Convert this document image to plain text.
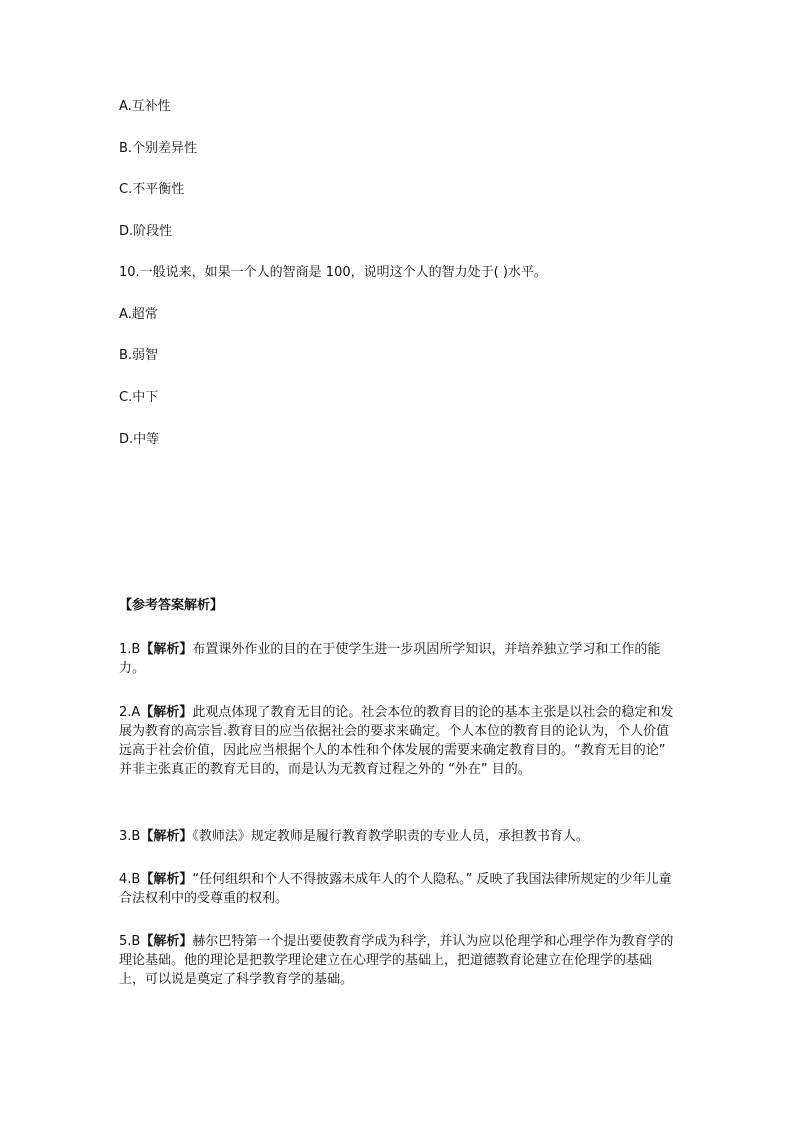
A.互补性
B.个别差异性
C.不平衡性
D.阶段性
10.一般说来，如果一个人的智商是 100，说明这个人的智力处于( )水平。
A.超常
B.弱智
C.中下
D.中等
【参考答案解析】
1.B【解析】布置课外作业的目的在于使学生进一步巩固所学知识，并培养独立学习和工作的能力。
2.A【解析】此观点体现了教育无目的论。社会本位的教育目的论的基本主张是以社会的稳定和发展为教育的高宗旨.教育目的应当依据社会的要求来确定。个人本位的教育目的论认为，个人价值远高于社会价值，因此应当根据个人的本性和个体发展的需要来确定教育目的。“教育无目的论” 并非主张真正的教育无目的，而是认为无教育过程之外的 “外在” 目的。
3.B【解析】《教师法》规定教师是履行教育教学职责的专业人员，承担教书育人。
4.B【解析】“任何组织和个人不得披露未成年人的个人隐私。” 反映了我国法律所规定的少年儿童合法权利中的受尊重的权利。
5.B【解析】赫尔巴特第一个提出要使教育学成为科学，并认为应以伦理学和心理学作为教育学的理论基础。他的理论是把教学理论建立在心理学的基础上，把道德教育论建立在伦理学的基础上，可以说是奠定了科学教育学的基础。
